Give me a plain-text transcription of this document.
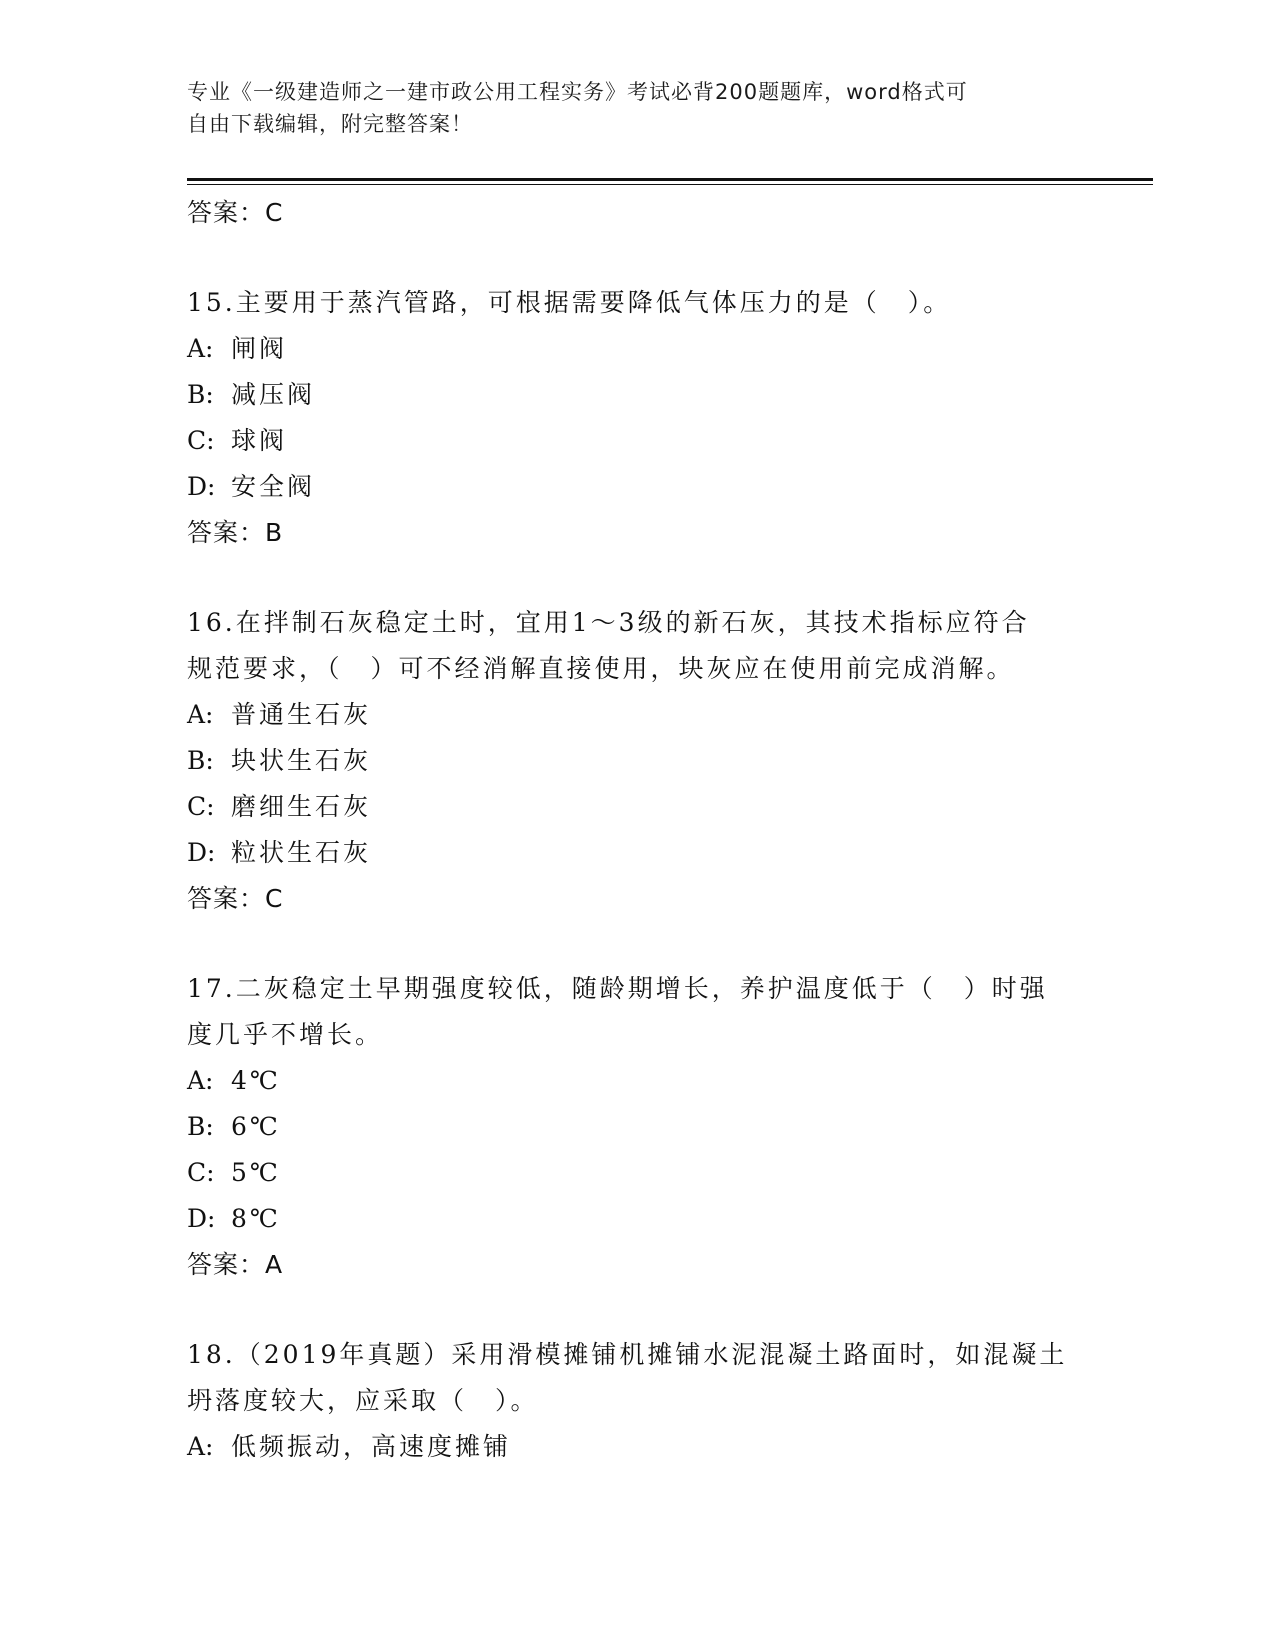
专业《一级建造师之一建市政公用工程实务》考试必背200题题库，word格式可
自由下载编辑，附完整答案！
答案：C
15.主要用于蒸汽管路，可根据需要降低气体压力的是（　）。
A: 闸阀
B: 减压阀
C: 球阀
D: 安全阀
答案：B
16.在拌制石灰稳定土时，宜用1～3级的新石灰，其技术指标应符合
规范要求，（　）可不经消解直接使用，块灰应在使用前完成消解。
A: 普通生石灰
B: 块状生石灰
C: 磨细生石灰
D: 粒状生石灰
答案：C
17.二灰稳定土早期强度较低，随龄期增长，养护温度低于（　）时强
度几乎不增长。
A: 4℃
B: 6℃
C: 5℃
D: 8℃
答案：A
18.（2019年真题）采用滑模摊铺机摊铺水泥混凝土路面时，如混凝土
坍落度较大，应采取（　）。
A: 低频振动，高速度摊铺
